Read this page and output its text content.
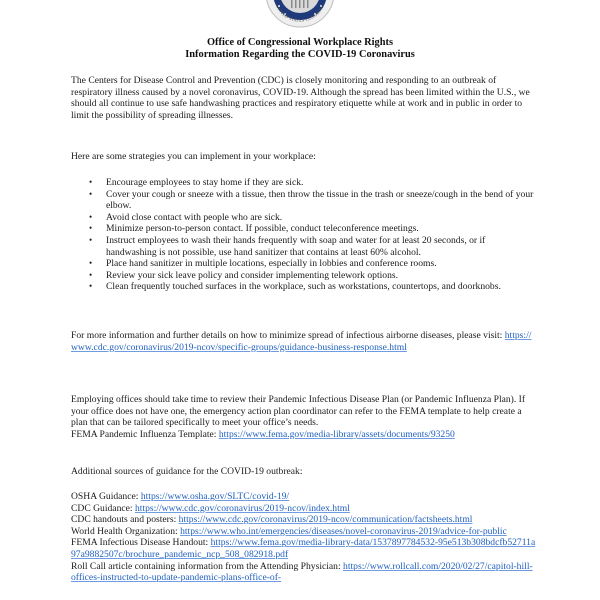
UNITED STATES CONGRESS
Office of Congressional Workplace Rights
Information Regarding the COVID-19 Coronavirus

The Centers for Disease Control and Prevention (CDC) is closely monitoring and responding to an outbreak of respiratory illness caused by a novel coronavirus, COVID-19. Although the spread has been limited within the U.S., we should all continue to use safe handwashing practices and respiratory etiquette while at work and in public in order to limit the possibility of spreading illnesses.

Here are some strategies you can implement in your workplace:

• Encourage employees to stay home if they are sick.
• Cover your cough or sneeze with a tissue, then throw the tissue in the trash or sneeze/cough in the bend of your elbow.
• Avoid close contact with people who are sick.
• Minimize person-to-person contact. If possible, conduct teleconference meetings.
• Instruct employees to wash their hands frequently with soap and water for at least 20 seconds, or if handwashing is not possible, use hand sanitizer that contains at least 60% alcohol.
• Place hand sanitizer in multiple locations, especially in lobbies and conference rooms.
• Review your sick leave policy and consider implementing telework options.
• Clean frequently touched surfaces in the workplace, such as workstations, countertops, and doorknobs.

For more information and further details on how to minimize spread of infectious airborne diseases, please visit: https://www.cdc.gov/coronavirus/2019-ncov/specific-groups/guidance-business-response.html

Employing offices should take time to review their Pandemic Infectious Disease Plan (or Pandemic Influenza Plan). If your office does not have one, the emergency action plan coordinator can refer to the FEMA template to help create a plan that can be tailored specifically to meet your office’s needs.
FEMA Pandemic Influenza Template: https://www.fema.gov/media-library/assets/documents/93250

Additional sources of guidance for the COVID-19 outbreak:

OSHA Guidance: https://www.osha.gov/SLTC/covid-19/
CDC Guidance: https://www.cdc.gov/coronavirus/2019-ncov/index.html
CDC handouts and posters: https://www.cdc.gov/coronavirus/2019-ncov/communication/factsheets.html
World Health Organization: https://www.who.int/emergencies/diseases/novel-coronavirus-2019/advice-for-public
FEMA Infectious Disease Handout: https://www.fema.gov/media-library-data/1537897784532-95e513b308bdcfb52711a97a9882507c/brochure_pandemic_ncp_508_082918.pdf
Roll Call article containing information from the Attending Physician: https://www.rollcall.com/2020/02/27/capitol-hill-offices-instructed-to-update-pandemic-plans-office-of-
